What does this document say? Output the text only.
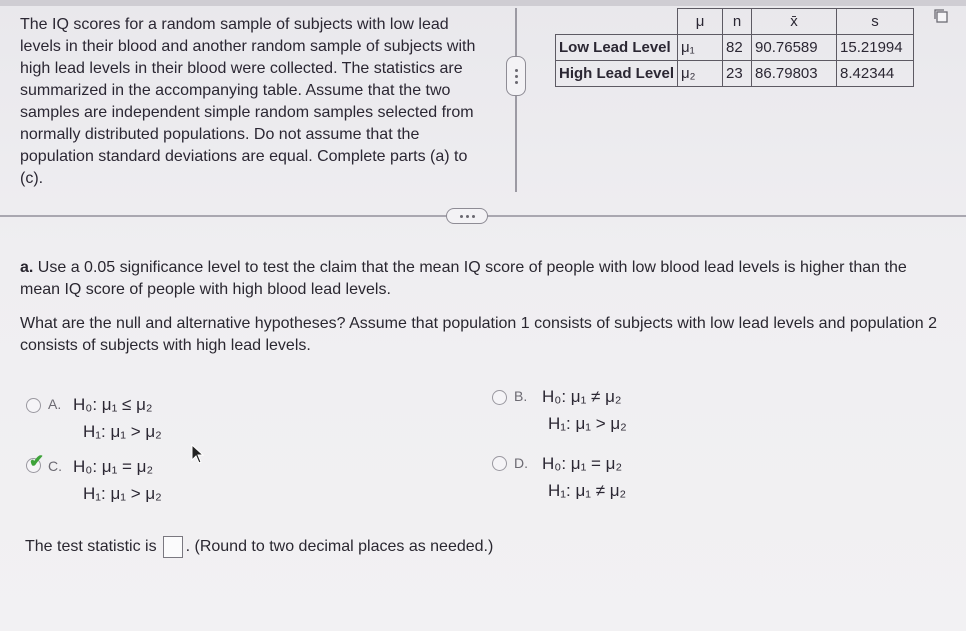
The IQ scores for a random sample of subjects with low lead levels in their blood and another random sample of subjects with high lead levels in their blood were collected. The statistics are summarized in the accompanying table. Assume that the two samples are independent simple random samples selected from normally distributed populations. Do not assume that the population standard deviations are equal. Complete parts (a) to (c).
	μ	n	x̄	s
Low Lead Level	μ₁	82	90.76589	15.21994
High Lead Level	μ₂	23	86.79803	8.42344
a. Use a 0.05 significance level to test the claim that the mean IQ score of people with low blood lead levels is higher than the mean IQ score of people with high blood lead levels.
What are the null and alternative hypotheses? Assume that population 1 consists of subjects with low lead levels and population 2 consists of subjects with high lead levels.
A. H₀: μ₁ ≤ μ₂
H₁: μ₁ > μ₂
✔ C. H₀: μ₁ = μ₂
H₁: μ₁ > μ₂
B. H₀: μ₁ ≠ μ₂
H₁: μ₁ > μ₂
D. H₀: μ₁ = μ₂
H₁: μ₁ ≠ μ₂
The test statistic is . (Round to two decimal places as needed.)
